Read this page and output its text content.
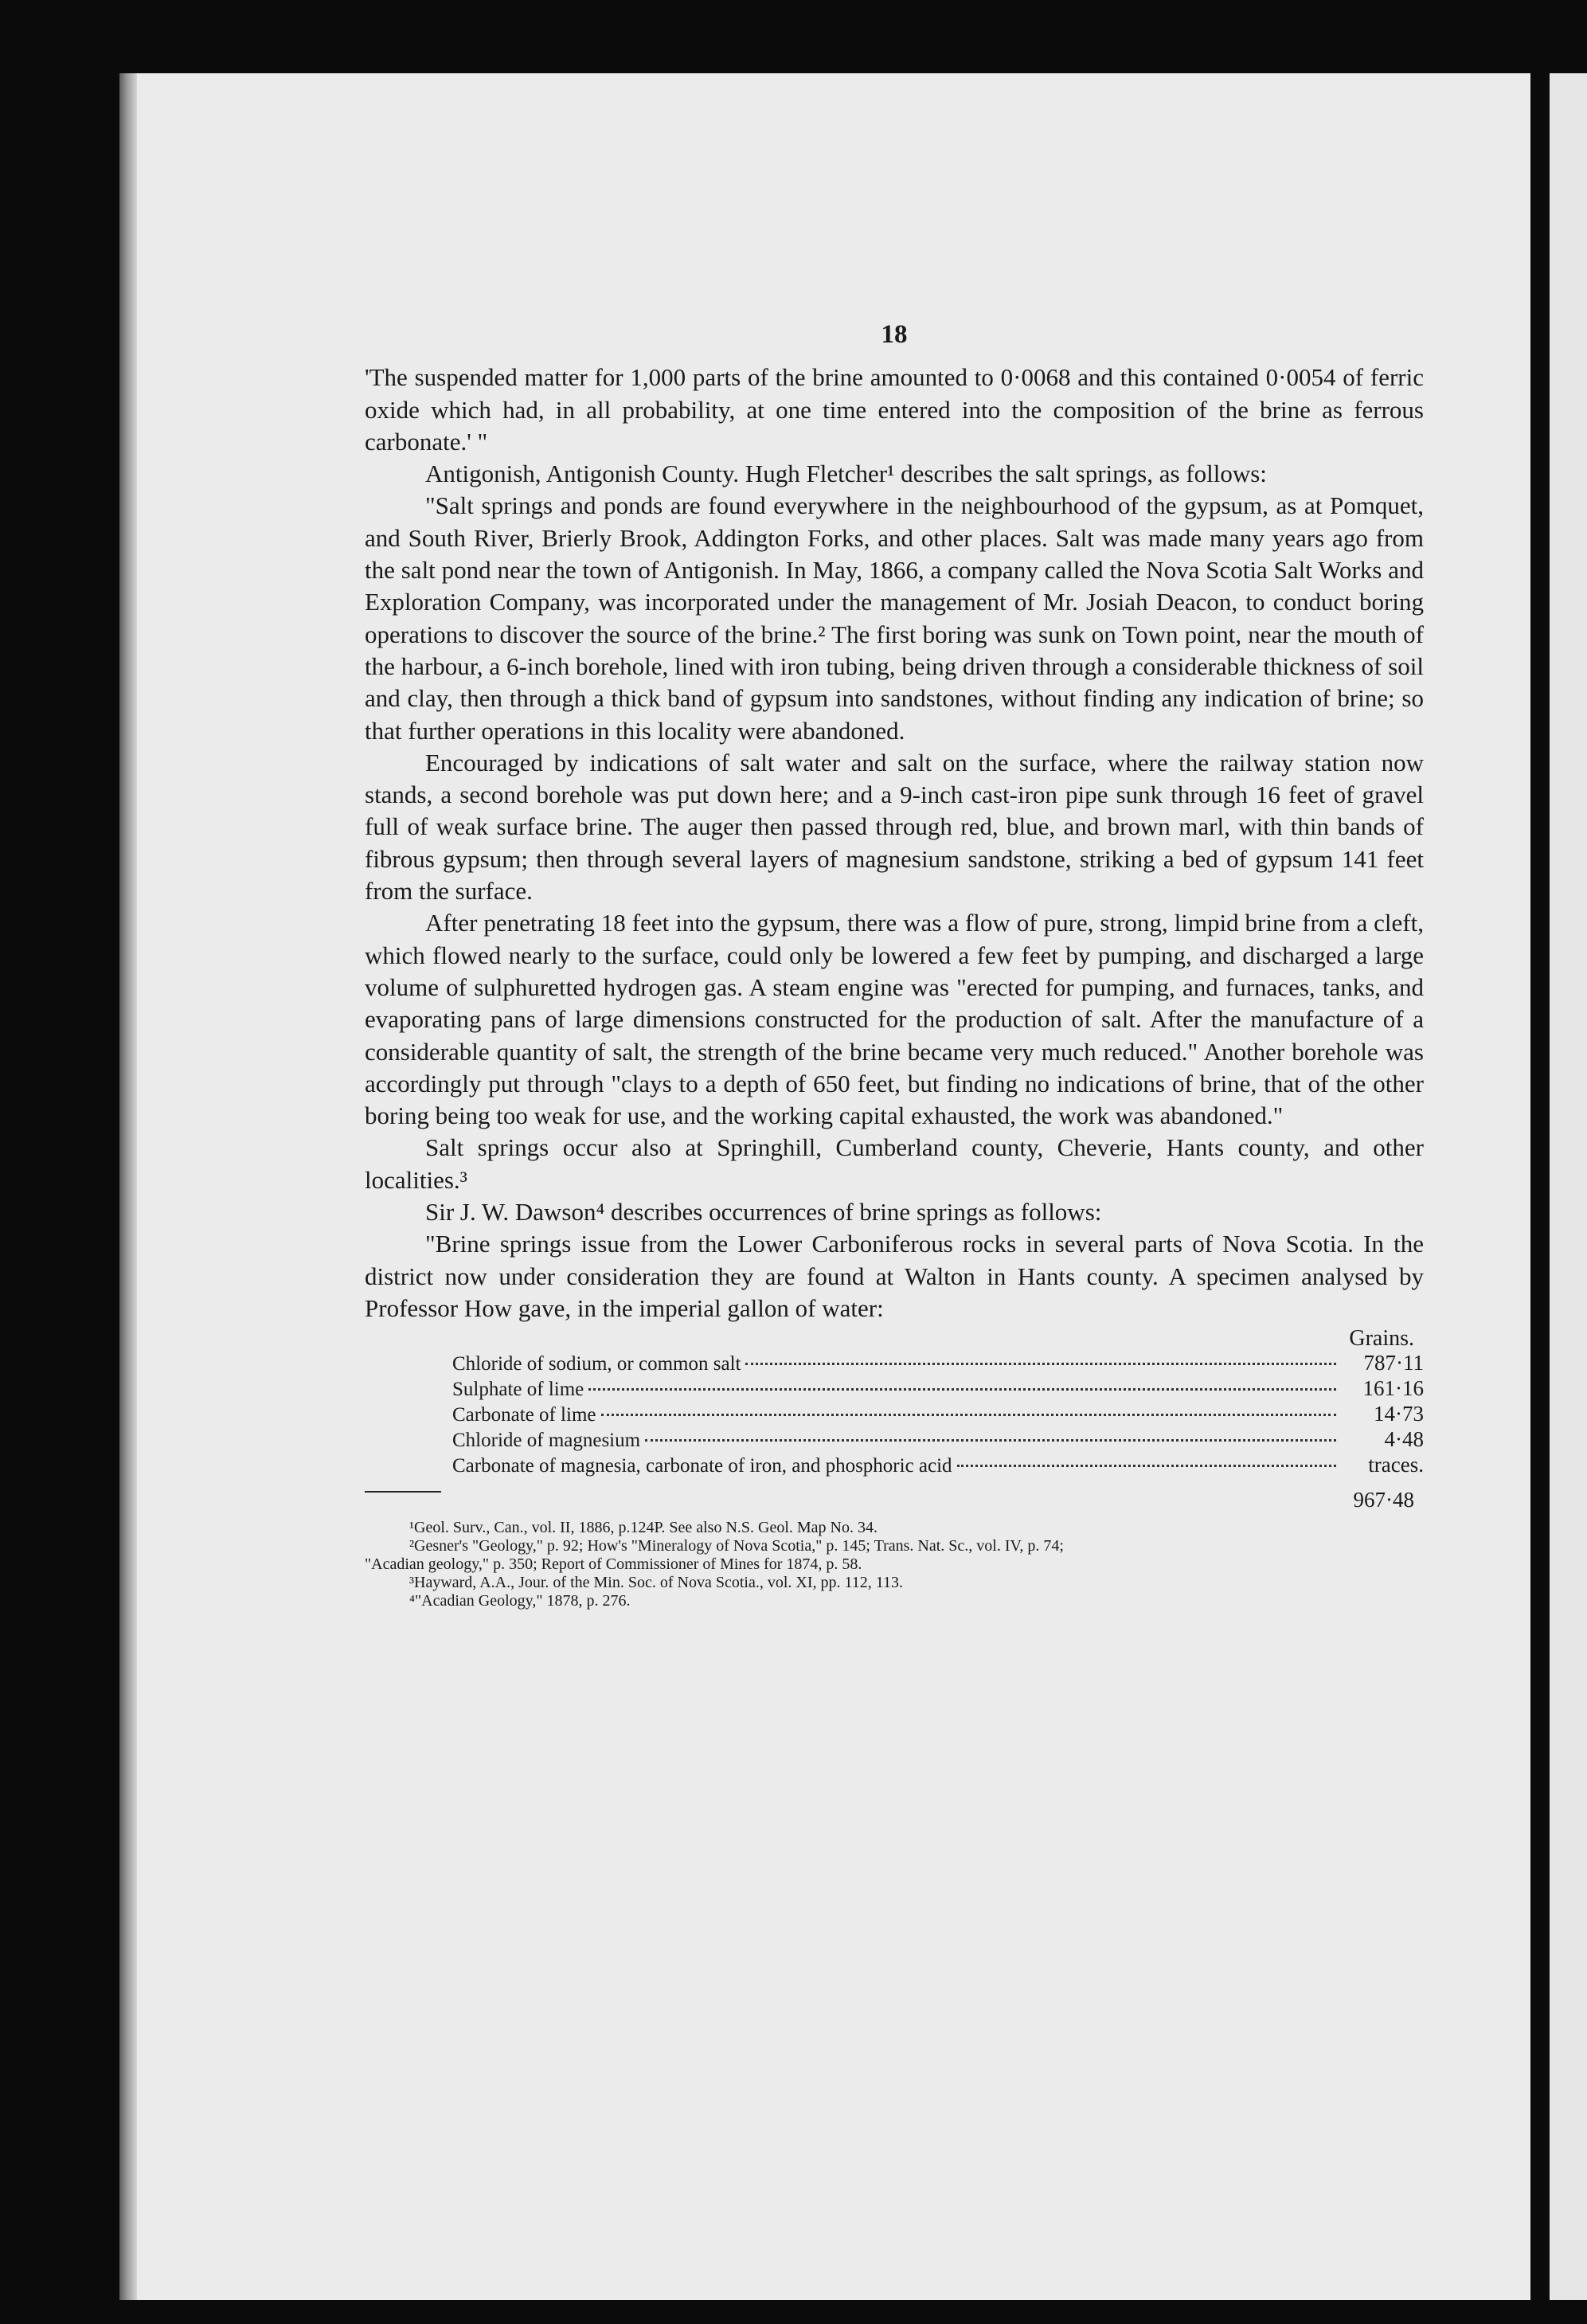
18

'The suspended matter for 1,000 parts of the brine amounted to 0·0068 and this contained 0·0054 of ferric oxide which had, in all probability, at one time entered into the composition of the brine as ferrous carbonate.' "

Antigonish, Antigonish County. Hugh Fletcher¹ describes the salt springs, as follows:

"Salt springs and ponds are found everywhere in the neighbourhood of the gypsum, as at Pomquet, and South River, Brierly Brook, Addington Forks, and other places. Salt was made many years ago from the salt pond near the town of Antigonish. In May, 1866, a company called the Nova Scotia Salt Works and Exploration Company, was incorporated under the management of Mr. Josiah Deacon, to conduct boring operations to discover the source of the brine.² The first boring was sunk on Town point, near the mouth of the harbour, a 6-inch borehole, lined with iron tubing, being driven through a considerable thickness of soil and clay, then through a thick band of gypsum into sandstones, without finding any indication of brine; so that further operations in this locality were abandoned.

Encouraged by indications of salt water and salt on the surface, where the railway station now stands, a second borehole was put down here; and a 9-inch cast-iron pipe sunk through 16 feet of gravel full of weak surface brine. The auger then passed through red, blue, and brown marl, with thin bands of fibrous gypsum; then through several layers of magnesium sandstone, striking a bed of gypsum 141 feet from the surface.

After penetrating 18 feet into the gypsum, there was a flow of pure, strong, limpid brine from a cleft, which flowed nearly to the surface, could only be lowered a few feet by pumping, and discharged a large volume of sulphuretted hydrogen gas. A steam engine was "erected for pumping, and furnaces, tanks, and evaporating pans of large dimensions constructed for the production of salt. After the manufacture of a considerable quantity of salt, the strength of the brine became very much reduced." Another borehole was accordingly put through "clays to a depth of 650 feet, but finding no indications of brine, that of the other boring being too weak for use, and the working capital exhausted, the work was abandoned."

Salt springs occur also at Springhill, Cumberland county, Cheverie, Hants county, and other localities.³

Sir J. W. Dawson⁴ describes occurrences of brine springs as follows:

"Brine springs issue from the Lower Carboniferous rocks in several parts of Nova Scotia. In the district now under consideration they are found at Walton in Hants county. A specimen analysed by Professor How gave, in the imperial gallon of water:

Grains.
Chloride of sodium, or common salt	787·11
Sulphate of lime	161·16
Carbonate of lime	14·73
Chloride of magnesium	4·48
Carbonate of magnesia, carbonate of iron, and phosphoric acid	traces.
967·48
¹Geol. Surv., Can., vol. II, 1886, p.124P. See also N.S. Geol. Map No. 34.
²Gesner's "Geology," p. 92; How's "Mineralogy of Nova Scotia," p. 145; Trans. Nat. Sc., vol. IV, p. 74;
"Acadian geology," p. 350; Report of Commissioner of Mines for 1874, p. 58.
³Hayward, A.A., Jour. of the Min. Soc. of Nova Scotia., vol. XI, pp. 112, 113.
⁴"Acadian Geology," 1878, p. 276.
